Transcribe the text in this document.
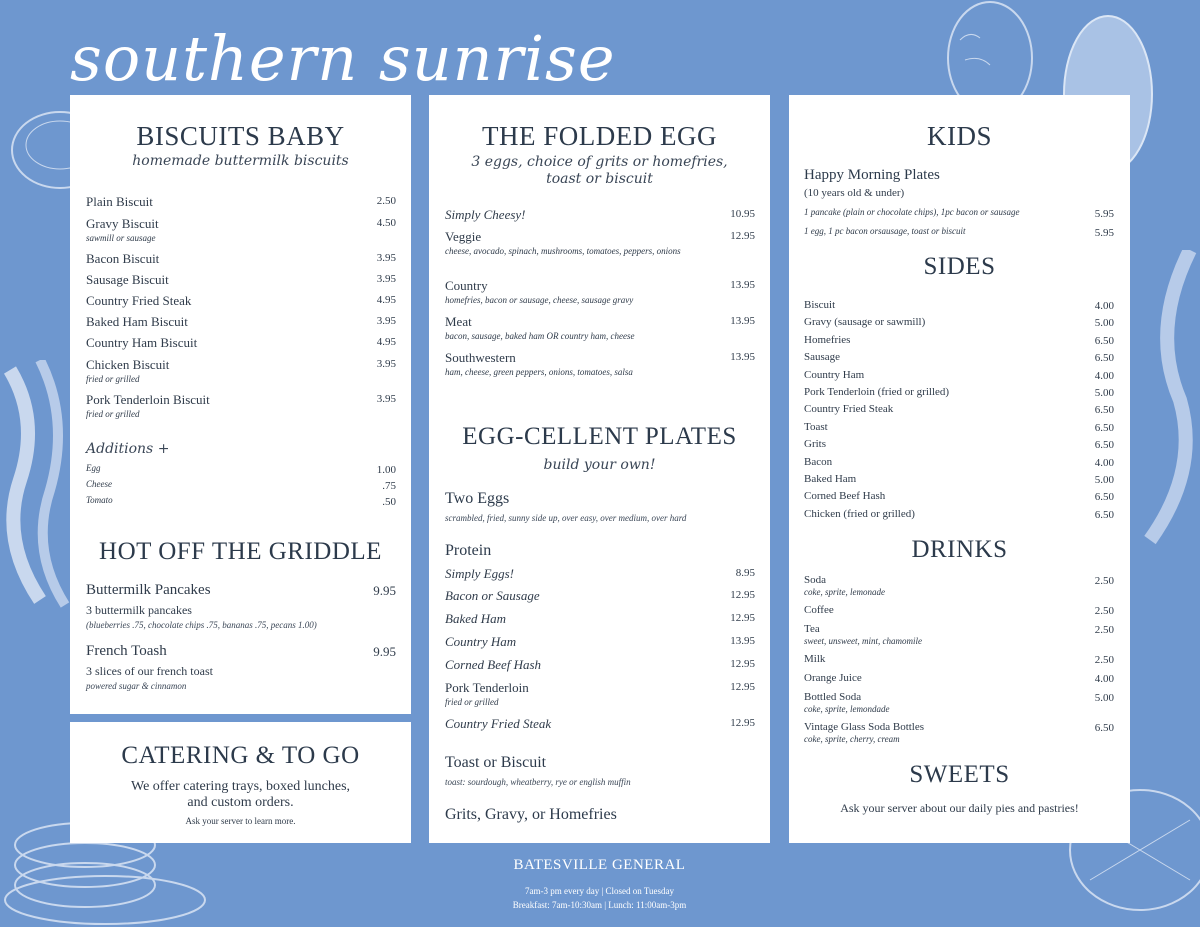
southern sunrise
BISCUITS BABY
homemade buttermilk biscuits
Plain Biscuit	2.50
Gravy Biscuit	4.50
sawmill or sausage
Bacon Biscuit	3.95
Sausage Biscuit	3.95
Country Fried Steak	4.95
Baked Ham Biscuit	3.95
Country Ham Biscuit	4.95
Chicken Biscuit	3.95
fried or grilled
Pork Tenderloin Biscuit	3.95
fried or grilled
Additions +
Egg	1.00
Cheese	.75
Tomato	.50
HOT OFF THE GRIDDLE
Buttermilk Pancakes	9.95
3 buttermilk pancakes
(blueberries .75, chocolate chips .75, bananas .75, pecans 1.00)
French Toash	9.95
3 slices of our french toast
powered sugar & cinnamon
CATERING & TO GO
We offer catering trays, boxed lunches,
and custom orders.
Ask your server to learn more.
THE FOLDED EGG
3 eggs, choice of grits or homefries,
toast or biscuit
Simply Cheesy!	10.95
Veggie	12.95
cheese, avocado, spinach, mushrooms, tomatoes, peppers, onions
Country	13.95
homefries, bacon or sausage, cheese, sausage gravy
Meat	13.95
bacon, sausage, baked ham OR country ham, cheese
Southwestern	13.95
ham, cheese, green peppers, onions, tomatoes, salsa
EGG-CELLENT PLATES
build your own!
Two Eggs
scrambled, fried, sunny side up, over easy, over medium, over hard
Protein
Simply Eggs!	8.95
Bacon or Sausage	12.95
Baked Ham	12.95
Country Ham	13.95
Corned Beef Hash	12.95
Pork Tenderloin	12.95
fried or grilled
Country Fried Steak	12.95
Toast or Biscuit
toast: sourdough, wheatberry, rye or english muffin
Grits, Gravy, or Homefries
KIDS
Happy Morning Plates
(10 years old & under)
1 pancake (plain or chocolate chips), 1pc bacon or sausage	5.95
1 egg, 1 pc bacon orsausage, toast or biscuit	5.95
SIDES
Biscuit	4.00
Gravy (sausage or sawmill)	5.00
Homefries	6.50
Sausage	6.50
Country Ham	4.00
Pork Tenderloin (fried or grilled)	5.00
Country Fried Steak	6.50
Toast	6.50
Grits	6.50
Bacon	4.00
Baked Ham	5.00
Corned Beef Hash	6.50
Chicken (fried or grilled)	6.50
DRINKS
Soda	2.50
coke, sprite, lemonade
Coffee	2.50
Tea	2.50
sweet, unsweet, mint, chamomile
Milk	2.50
Orange Juice	4.00
Bottled Soda	5.00
coke, sprite, lemondade
Vintage Glass Soda Bottles	6.50
coke, sprite, cherry, cream
SWEETS
Ask your server about our daily pies and pastries!
BATESVILLE GENERAL
7am-3 pm every day | Closed on Tuesday
Breakfast: 7am-10:30am | Lunch: 11:00am-3pm
